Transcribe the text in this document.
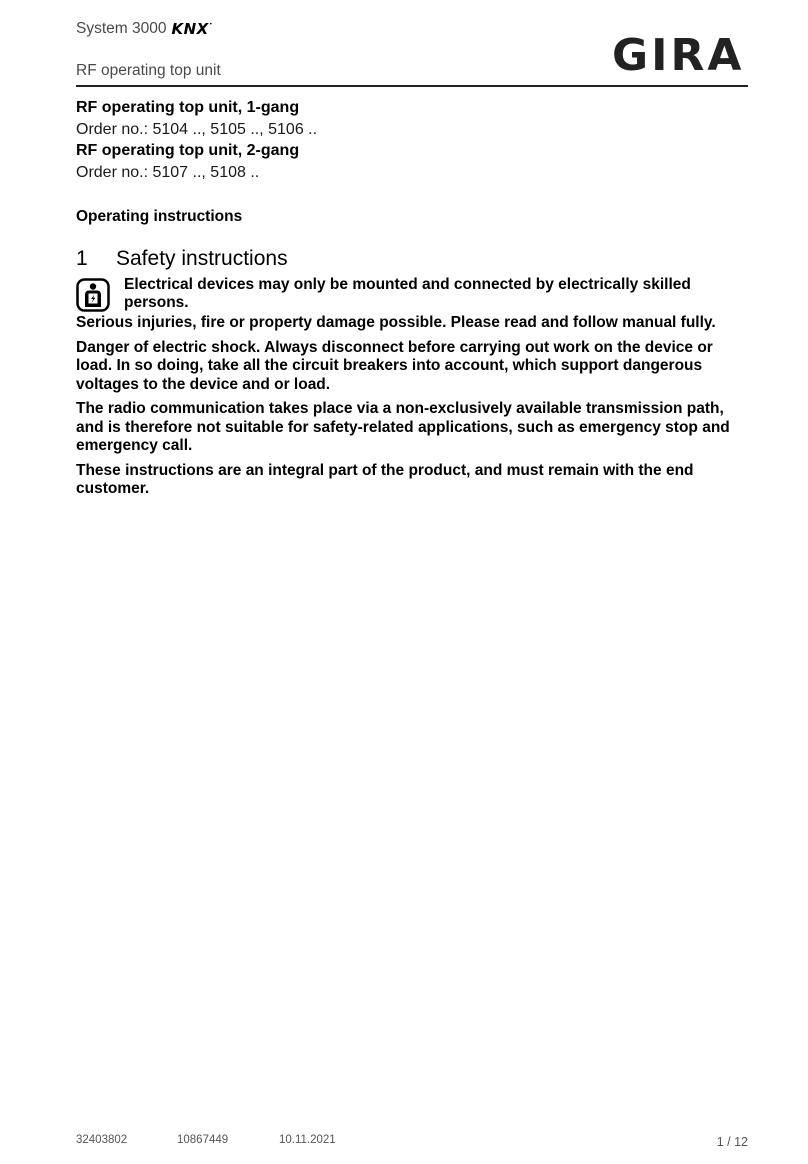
System 3000 KNX •
RF operating top unit	GIRA
RF operating top unit, 1-gang
Order no.: 5104 .., 5105 .., 5106 ..
RF operating top unit, 2-gang
Order no.: 5107 .., 5108 ..
Operating instructions
1	Safety instructions
Electrical devices may only be mounted and connected by electrically skilled persons.

Serious injuries, fire or property damage possible. Please read and follow manual fully.

Danger of electric shock. Always disconnect before carrying out work on the device or load. In so doing, take all the circuit breakers into account, which support dangerous voltages to the device and or load.

The radio communication takes place via a non-exclusively available transmission path, and is therefore not suitable for safety-related applications, such as emergency stop and emergency call.

These instructions are an integral part of the product, and must remain with the end customer.

32403802	10867449	10.11.2021	1 / 12
